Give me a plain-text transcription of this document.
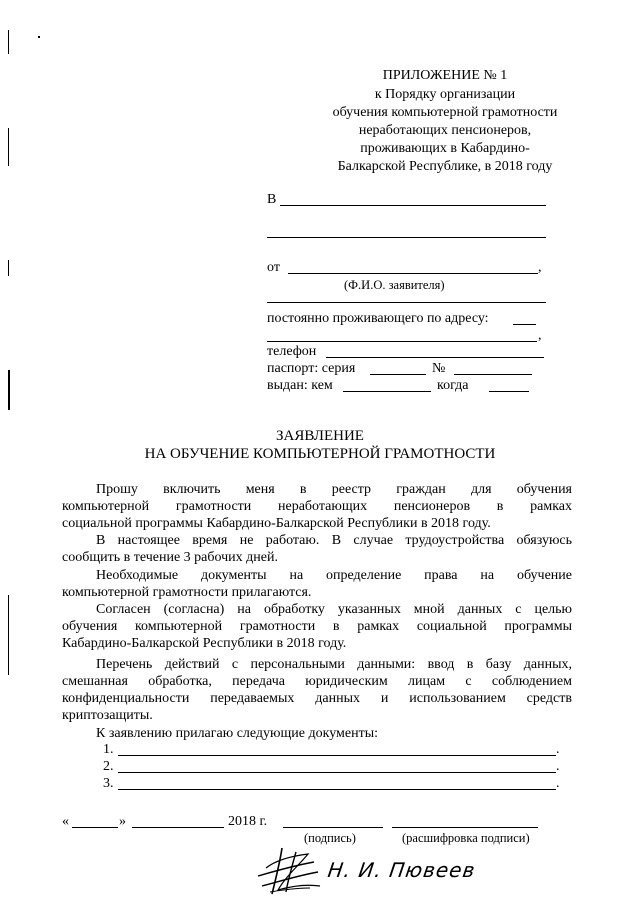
ПРИЛОЖЕНИЕ № 1
к Порядку организации
обучения компьютерной грамотности
неработающих пенсионеров,
проживающих в Кабардино-
Балкарской Республике, в 2018 году
В
от	,
(Ф.И.О. заявителя)
постоянно проживающего по адресу:
,
телефон
паспорт: серия	№
выдан: кем	когда
ЗАЯВЛЕНИЕ
НА ОБУЧЕНИЕ КОМПЬЮТЕРНОЙ ГРАМОТНОСТИ
Прошу включить меня в реестр граждан для обучения
компьютерной грамотности неработающих пенсионеров в рамках
социальной программы Кабардино-Балкарской Республики в 2018 году.
В настоящее время не работаю. В случае трудоустройства обязуюсь
сообщить в течение 3 рабочих дней.
Необходимые документы на определение права на обучение
компьютерной грамотности прилагаются.
Согласен (согласна) на обработку указанных мной данных с целью
обучения компьютерной грамотности в рамках социальной программы
Кабардино-Балкарской Республики в 2018 году.
Перечень действий с персональными данными: ввод в базу данных,
смешанная обработка, передача юридическим лицам с соблюдением
конфиденциальности передаваемых данных и использованием средств
криптозащиты.
К заявлению прилагаю следующие документы:
1.	.
2.	.
3.	.
«	»	2018 г.
(подпись)	(расшифровка подписи)
Н. И. Пювеев
